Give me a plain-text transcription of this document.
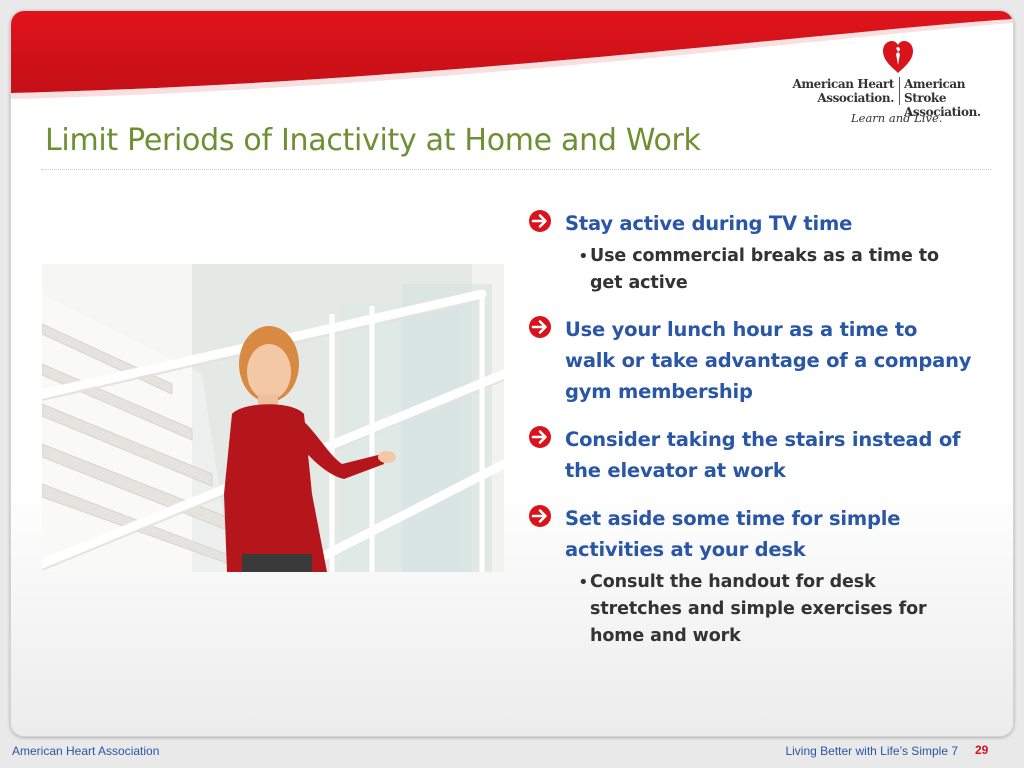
American Heart
Association.
American Stroke
Association.
Learn and Live.
Limit Periods of Inactivity at Home and Work
Stay active during TV time
• Use commercial breaks as a time to get active
Use your lunch hour as a time to walk or take advantage of a company gym membership
Consider taking the stairs instead of the elevator at work
Set aside some time for simple activities at your desk
• Consult the handout for desk stretches and simple exercises for home and work
American Heart Association	Living Better with Life’s Simple 7 29
